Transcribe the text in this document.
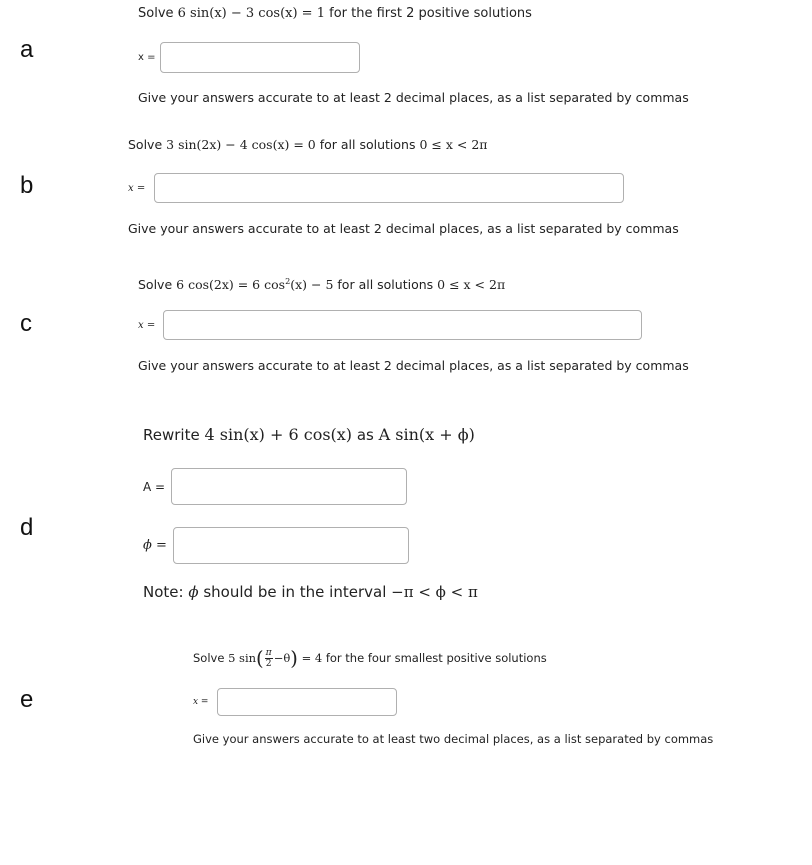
a
Solve 6 sin(x) − 3 cos(x) = 1 for the first 2 positive solutions
x =
Give your answers accurate to at least 2 decimal places, as a list separated by commas
b
Solve 3 sin(2x) − 4 cos(x) = 0 for all solutions 0 ≤ x < 2π
x =
Give your answers accurate to at least 2 decimal places, as a list separated by commas
c
Solve 6 cos(2x) = 6 $\cos^2(x) - 5$ for all solutions 0 ≤ x < 2π
x =
Give your answers accurate to at least 2 decimal places, as a list separated by commas
d
Rewrite 4 sin(x) + 6 cos(x) as A sin(x + ϕ)
A =
ϕ =
Note: ϕ should be in the interval −π < ϕ < π
e
Solve
5 sin ( $\frac{\pi}{2} -\theta$ )
= 4
for the four smallest positive solutions
x =
Give your answers accurate to at least two decimal places, as a list separated by commas
